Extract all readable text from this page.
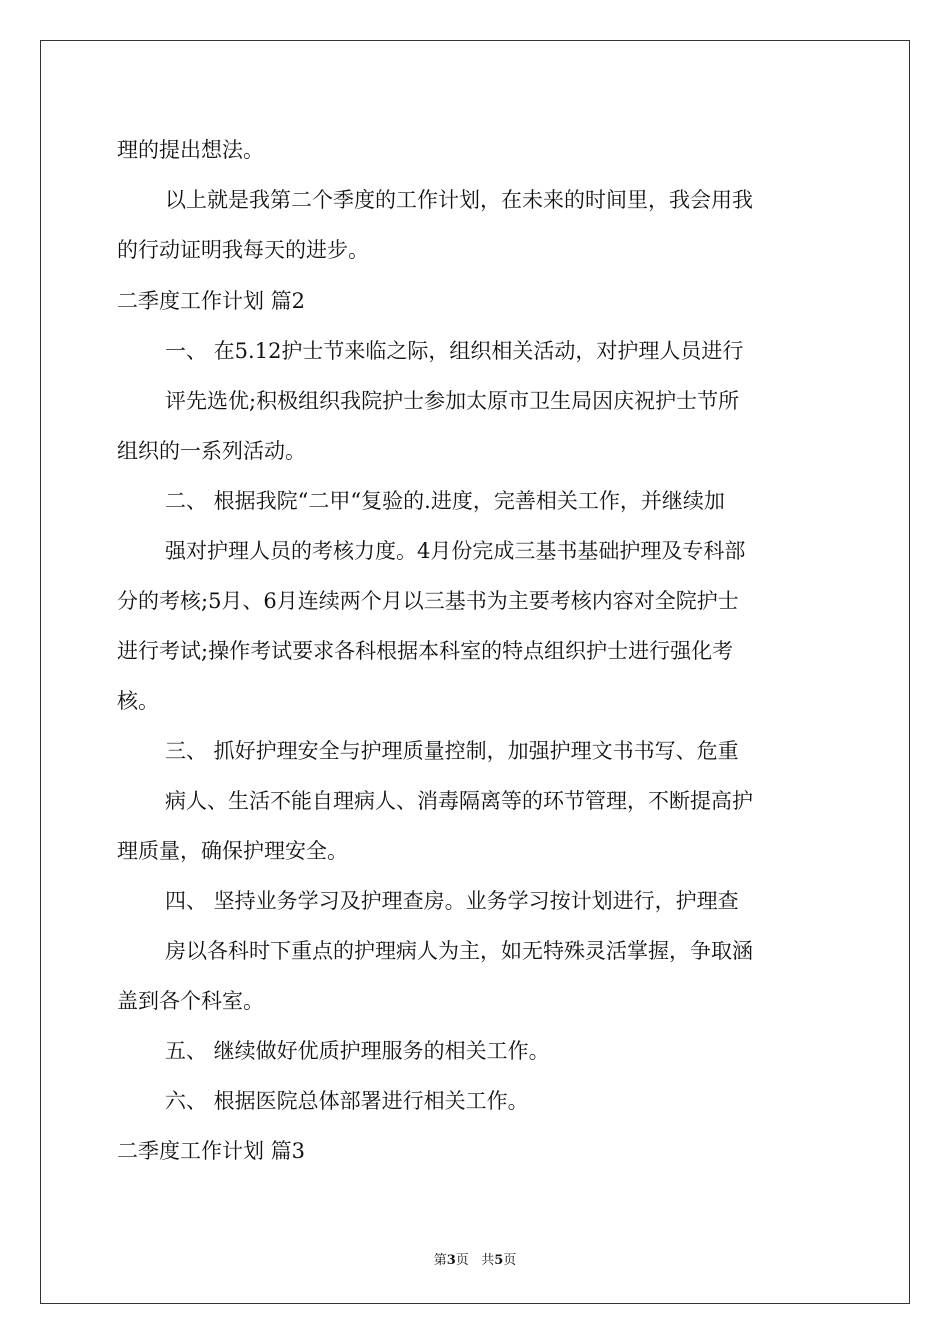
理的提出想法。
以上就是我第二个季度的工作计划，在未来的时间里，我会用我
的行动证明我每天的进步。
二季度工作计划 篇2
一、 在5.12护士节来临之际，组织相关活动，对护理人员进行
评先选优;积极组织我院护士参加太原市卫生局因庆祝护士节所
组织的一系列活动。
二、 根据我院“二甲“复验的.进度，完善相关工作，并继续加
强对护理人员的考核力度。4月份完成三基书基础护理及专科部
分的考核;5月、6月连续两个月以三基书为主要考核内容对全院护士
进行考试;操作考试要求各科根据本科室的特点组织护士进行强化考
核。
三、 抓好护理安全与护理质量控制，加强护理文书书写、危重
病人、生活不能自理病人、消毒隔离等的环节管理，不断提高护
理质量，确保护理安全。
四、 坚持业务学习及护理查房。业务学习按计划进行，护理查
房以各科时下重点的护理病人为主，如无特殊灵活掌握，争取涵
盖到各个科室。
五、 继续做好优质护理服务的相关工作。
六、 根据医院总体部署进行相关工作。
二季度工作计划 篇3
第3页 共5页
